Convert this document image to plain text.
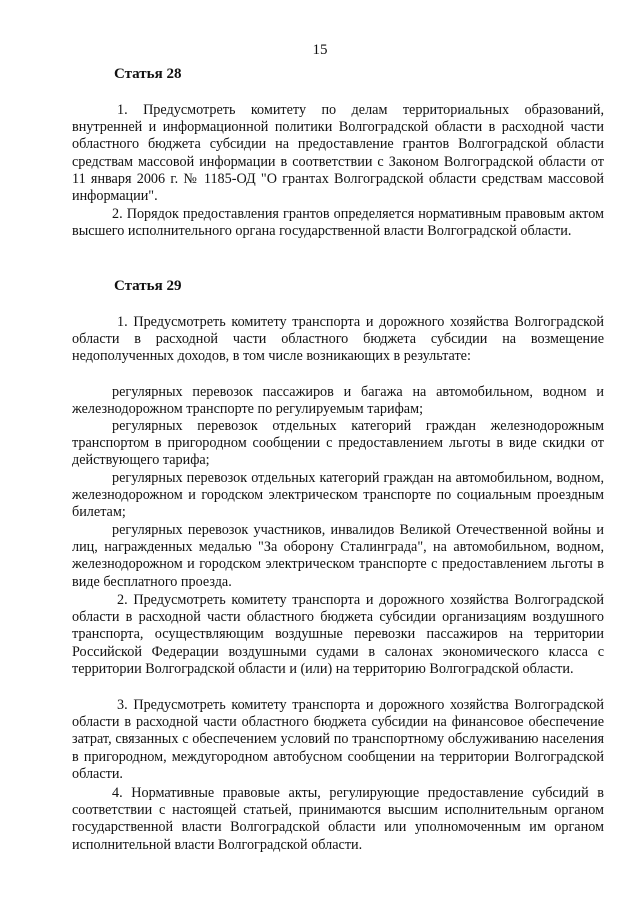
15
Статья 28

1. Предусмотреть комитету по делам территориальных образований, внутренней и информационной политики Волгоградской области в расходной части областного бюджета субсидии на предоставление грантов Волгоградской области средствам массовой информации в соответствии с Законом Волгоградской области от 11 января 2006 г. № 1185-ОД "О грантах Волгоградской области средствам массовой информации".

2. Порядок предоставления грантов определяется нормативным правовым актом высшего исполнительного органа государственной власти Волгоградской области.

Статья 29

1. Предусмотреть комитету транспорта и дорожного хозяйства Волгоградской области в расходной части областного бюджета субсидии на возмещение недополученных доходов, в том числе возникающих в результате:

регулярных перевозок пассажиров и багажа на автомобильном, водном и железнодорожном транспорте по регулируемым тарифам;

регулярных перевозок отдельных категорий граждан железнодорожным транспортом в пригородном сообщении с предоставлением льготы в виде скидки от действующего тарифа;

регулярных перевозок отдельных категорий граждан на автомобильном, водном, железнодорожном и городском электрическом транспорте по социальным проездным билетам;

регулярных перевозок участников, инвалидов Великой Отечественной войны и лиц, награжденных медалью "За оборону Сталинграда", на автомобильном, водном, железнодорожном и городском электрическом транспорте с предоставлением льготы в виде бесплатного проезда.

2. Предусмотреть комитету транспорта и дорожного хозяйства Волгоградской области в расходной части областного бюджета субсидии организациям воздушного транспорта, осуществляющим воздушные перевозки пассажиров на территории Российской Федерации воздушными судами в салонах экономического класса с территории Волгоградской области и (или) на территорию Волгоградской области.

3. Предусмотреть комитету транспорта и дорожного хозяйства Волгоградской области в расходной части областного бюджета субсидии на финансовое обеспечение затрат, связанных с обеспечением условий по транспортному обслуживанию населения в пригородном, междугородном автобусном сообщении на территории Волгоградской области.

4. Нормативные правовые акты, регулирующие предоставление субсидий в соответствии с настоящей статьей, принимаются высшим исполнительным органом государственной власти Волгоградской области или уполномоченным им органом исполнительной власти Волгоградской области.
